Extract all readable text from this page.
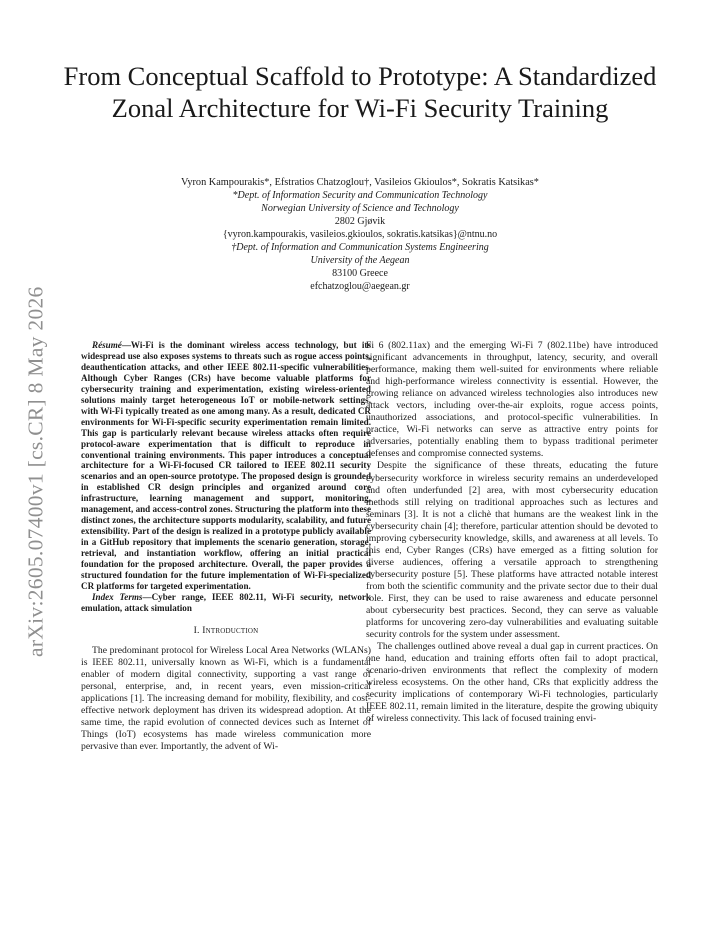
arXiv:2605.07400v1 [cs.CR] 8 May 2026
From Conceptual Scaffold to Prototype: A Standardized Zonal Architecture for Wi-Fi Security Training
Vyron Kampourakis*, Efstratios Chatzoglou†, Vasileios Gkioulos*, Sokratis Katsikas*
*Dept. of Information Security and Communication Technology
Norwegian University of Science and Technology
2802 Gjøvik
{vyron.kampourakis, vasileios.gkioulos, sokratis.katsikas}@ntnu.no
†Dept. of Information and Communication Systems Engineering
University of the Aegean
83100 Greece
efchatzoglou@aegean.gr

Résumé—Wi-Fi is the dominant wireless access technology, but its widespread use also exposes systems to threats such as rogue access points, deauthentication attacks, and other IEEE 802.11-specific vulnerabilities. Although Cyber Ranges (CRs) have become valuable platforms for cybersecurity training and experimentation, existing wireless-oriented solutions mainly target heterogeneous IoT or mobile-network settings, with Wi-Fi typically treated as one among many. As a result, dedicated CR environments for Wi-Fi-specific security experimentation remain limited. This gap is particularly relevant because wireless attacks often require protocol-aware experimentation that is difficult to reproduce in conventional training environments. This paper introduces a conceptual architecture for a Wi-Fi-focused CR tailored to IEEE 802.11 security scenarios and an open-source prototype. The proposed design is grounded in established CR design principles and organized around core infrastructure, learning management and support, monitoring, management, and access-control zones. Structuring the platform into these distinct zones, the architecture supports modularity, scalability, and future extensibility. Part of the design is realized in a prototype publicly available in a GitHub repository that implements the scenario generation, storage, retrieval, and instantiation workflow, offering an initial practical foundation for the proposed architecture. Overall, the paper provides a structured foundation for the future implementation of Wi-Fi-specialized CR platforms for targeted experimentation.

Index Terms—Cyber range, IEEE 802.11, Wi-Fi security, network emulation, attack simulation

I. Introduction

The predominant protocol for Wireless Local Area Networks (WLANs) is IEEE 802.11, universally known as Wi-Fi, which is a fundamental enabler of modern digital connectivity, supporting a vast range of personal, enterprise, and, in recent years, even mission-critical applications [1]. The increasing demand for mobility, flexibility, and cost-effective network deployment has driven its widespread adoption. At the same time, the rapid evolution of connected devices such as Internet of Things (IoT) ecosystems has made wireless communication more pervasive than ever. Importantly, the advent of Wi-

Fi 6 (802.11ax) and the emerging Wi-Fi 7 (802.11be) have introduced significant advancements in throughput, latency, security, and overall performance, making them well-suited for environments where reliable and high-performance wireless connectivity is essential. However, the growing reliance on advanced wireless technologies also introduces new attack vectors, including over-the-air exploits, rogue access points, unauthorized associations, and protocol-specific vulnerabilities. In practice, Wi-Fi networks can serve as attractive entry points for adversaries, potentially enabling them to bypass traditional perimeter defenses and compromise connected systems.

Despite the significance of these threats, educating the future cybersecurity workforce in wireless security remains an underdeveloped and often underfunded [2] area, with most cybersecurity education methods still relying on traditional approaches such as lectures and seminars [3]. It is not a clichè that humans are the weakest link in the cybersecurity chain [4]; therefore, particular attention should be devoted to improving cybersecurity knowledge, skills, and awareness at all levels. To this end, Cyber Ranges (CRs) have emerged as a fitting solution for diverse audiences, offering a versatile approach to strengthening cybersecurity posture [5]. These platforms have attracted notable interest from both the scientific community and the private sector due to their dual role. First, they can be used to raise awareness and educate personnel about cybersecurity best practices. Second, they can serve as valuable platforms for uncovering zero-day vulnerabilities and evaluating suitable security controls for the system under assessment.

The challenges outlined above reveal a dual gap in current practices. On one hand, education and training efforts often fail to adopt practical, scenario-driven environments that reflect the complexity of modern wireless ecosystems. On the other hand, CRs that explicitly address the security implications of contemporary Wi-Fi technologies, particularly IEEE 802.11, remain limited in the literature, despite the growing ubiquity of wireless connectivity. This lack of focused training envi-
